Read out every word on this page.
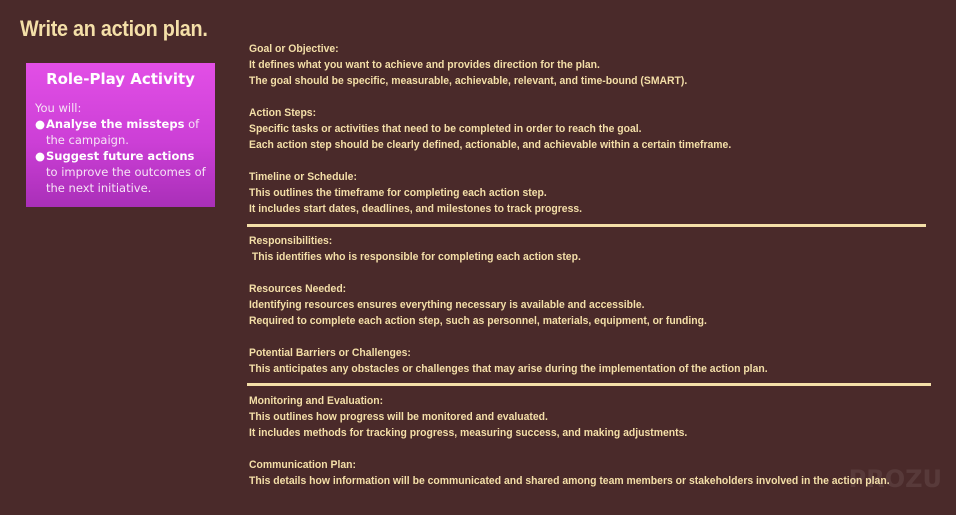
Write an action plan.
Role-Play Activity
You will:
● Analyse the missteps of the campaign.
● Suggest future actions to improve the outcomes of the next initiative.

Goal or Objective:

It defines what you want to achieve and provides direction for the plan.

The goal should be specific, measurable, achievable, relevant, and time-bound (SMART).

Action Steps:

Specific tasks or activities that need to be completed in order to reach the goal.

Each action step should be clearly defined, actionable, and achievable within a certain timeframe.

Timeline or Schedule:

This outlines the timeframe for completing each action step.

It includes start dates, deadlines, and milestones to track progress.

Responsibilities:

This identifies who is responsible for completing each action step.

Resources Needed:

Identifying resources ensures everything necessary is available and accessible.

Required to complete each action step, such as personnel, materials, equipment, or funding.

Potential Barriers or Challenges:

This anticipates any obstacles or challenges that may arise during the implementation of the action plan.

Monitoring and Evaluation:

This outlines how progress will be monitored and evaluated.

It includes methods for tracking progress, measuring success, and making adjustments.

Communication Plan:

This details how information will be communicated and shared among team members or stakeholders involved in the action plan.

PROZU
